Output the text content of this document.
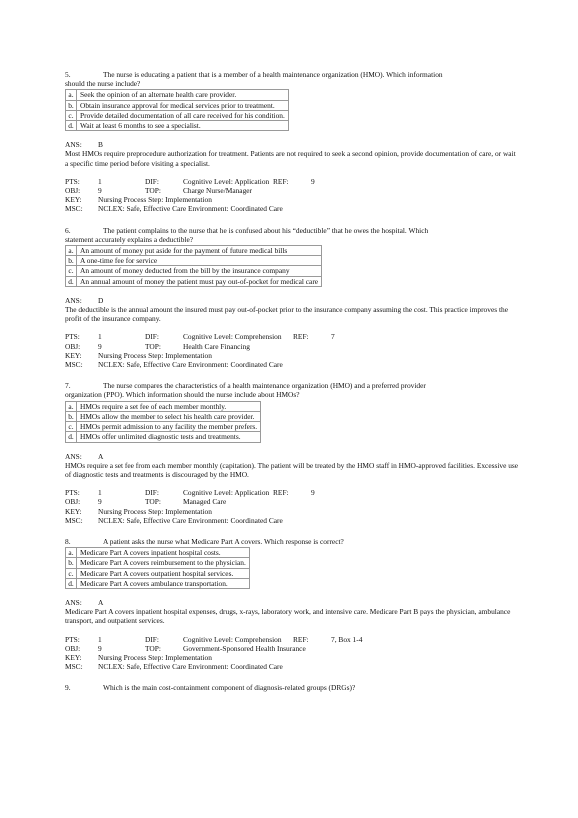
5.	The nurse is educating a patient that is a member of a health maintenance organization (HMO). Which information
should the nurse include?
a.	Seek the opinion of an alternate health care provider.
b.	Obtain insurance approval for medical services prior to treatment.
c.	Provide detailed documentation of all care received for his condition.
d.	Wait at least 6 months to see a specialist.
ANS:	B
Most HMOs require preprocedure authorization for treatment. Patients are not required to seek a second opinion, provide documentation of care, or wait a specific time period before visiting a specialist.
PTS:	1	DIF:	Cognitive Level: Application REF:	9
OBJ:	9	TOP:	Charge Nurse/Manager
KEY:	Nursing Process Step: Implementation
MSC:	NCLEX: Safe, Effective Care Environment: Coordinated Care
6.	The patient complains to the nurse that he is confused about his “deductible” that he owes the hospital. Which
statement accurately explains a deductible?
a.	An amount of money put aside for the payment of future medical bills
b.	A one-time fee for service
c.	An amount of money deducted from the bill by the insurance company
d.	An annual amount of money the patient must pay out-of-pocket for medical care
ANS:	D
The deductible is the annual amount the insured must pay out-of-pocket prior to the insurance company assuming the cost. This practice improves the profit of the insurance company.
PTS:	1	DIF:	Cognitive Level: Comprehension	REF:	7
OBJ:	9	TOP:	Health Care Financing
KEY:	Nursing Process Step: Implementation
MSC:	NCLEX: Safe, Effective Care Environment: Coordinated Care
7.	The nurse compares the characteristics of a health maintenance organization (HMO) and a preferred provider
organization (PPO). Which information should the nurse include about HMOs?
a.	HMOs require a set fee of each member monthly.
b.	HMOs allow the member to select his health care provider.
c.	HMOs permit admission to any facility the member prefers.
d.	HMOs offer unlimited diagnostic tests and treatments.
ANS:	A
HMOs require a set fee from each member monthly (capitation). The patient will be treated by the HMO staff in HMO-approved facilities. Excessive use of diagnostic tests and treatments is discouraged by the HMO.
PTS:	1	DIF:	Cognitive Level: Application REF:	9
OBJ:	9	TOP:	Managed Care
KEY:	Nursing Process Step: Implementation
MSC:	NCLEX: Safe, Effective Care Environment: Coordinated Care
8.	A patient asks the nurse what Medicare Part A covers. Which response is correct?
a.	Medicare Part A covers inpatient hospital costs.
b.	Medicare Part A covers reimbursement to the physician.
c.	Medicare Part A covers outpatient hospital services.
d.	Medicare Part A covers ambulance transportation.
ANS:	A
Medicare Part A covers inpatient hospital expenses, drugs, x-rays, laboratory work, and intensive care. Medicare Part B pays the physician, ambulance transport, and outpatient services.
PTS:	1	DIF:	Cognitive Level: Comprehension	REF:	7, Box 1-4
OBJ:	9	TOP:	Government-Sponsored Health Insurance
KEY:	Nursing Process Step: Implementation
MSC:	NCLEX: Safe, Effective Care Environment: Coordinated Care
9.	Which is the main cost-containment component of diagnosis-related groups (DRGs)?
